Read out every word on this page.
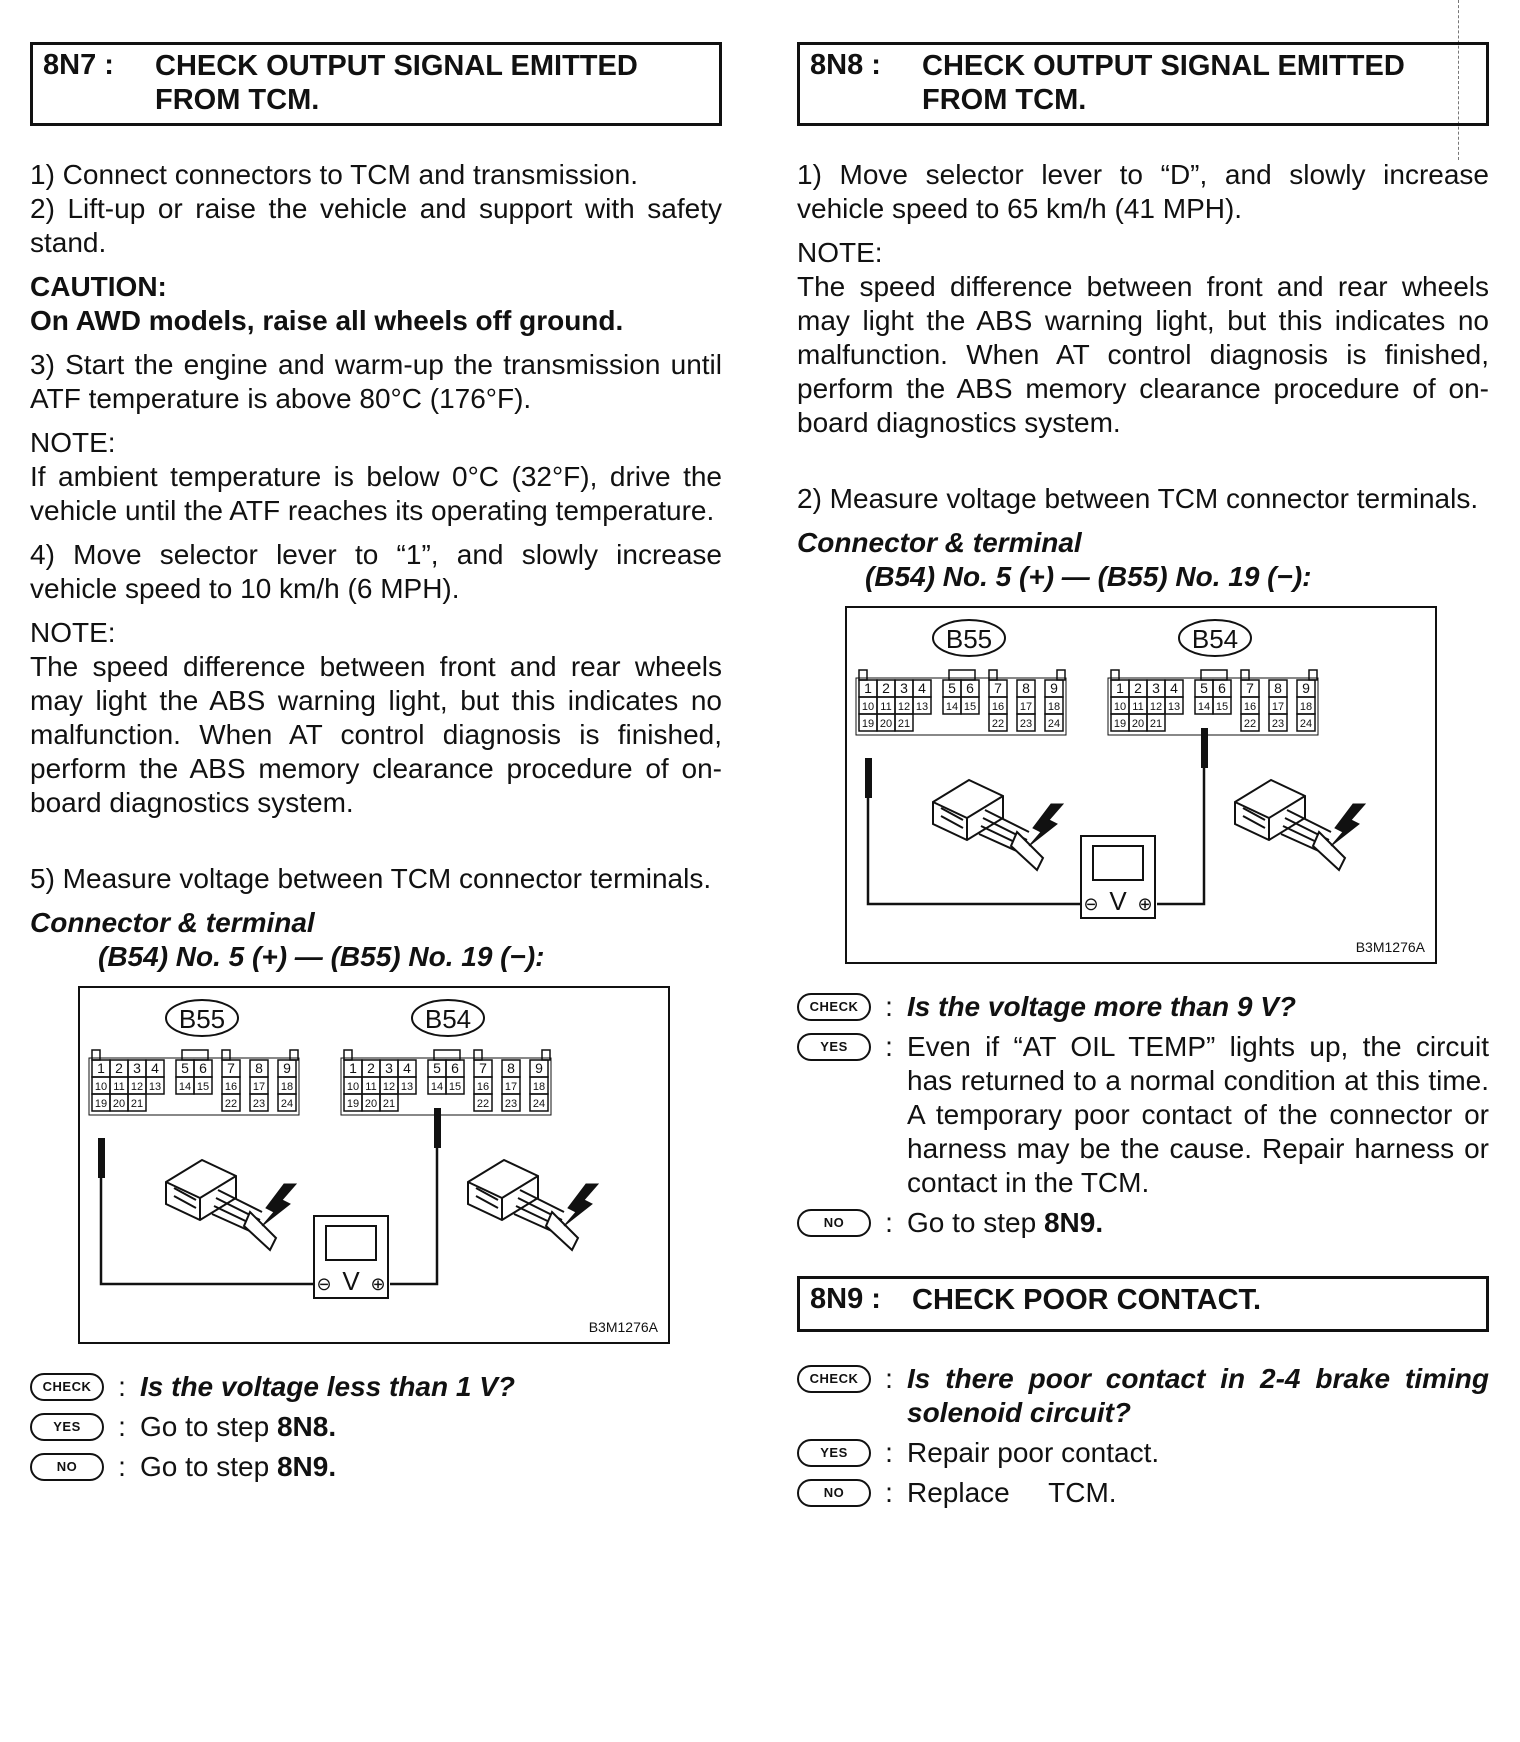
8N7 : CHECK OUTPUT SIGNAL EMITTED FROM TCM.

1) Connect connectors to TCM and transmission.

2) Lift-up or raise the vehicle and support with safety stand.

CAUTION:

On AWD models, raise all wheels off ground.

3) Start the engine and warm-up the transmission until ATF temperature is above 80°C (176°F).

NOTE:

If ambient temperature is below 0°C (32°F), drive the vehicle until the ATF reaches its operating temperature.

4) Move selector lever to “1”, and slowly increase vehicle speed to 10 km/h (6 MPH).

NOTE:

The speed difference between front and rear wheels may light the ABS warning light, but this indicates no malfunction. When AT control diagnosis is finished, perform the ABS memory clearance procedure of on-board diagnostics system.

5) Measure voltage between TCM connector terminals.

Connector & terminal

(B54) No. 5 (+) — (B55) No. 19 (−):

B55	B54
1 2 3 4 5 6 7 8 9
10 11 12 13 14 15 16 17 18
19 20 21	22 23 24
1 2 3 4 5 6 7 8 9
10 11 12 13 14 15 16 17 18
19 20 21	22 23 24
V
⊖ ⊕
B3M1276A
CHECK : Is the voltage less than 1 V?
YES	: Go to step 8N8.
NO	: Go to step 8N9.
8N8 : CHECK OUTPUT SIGNAL EMITTED FROM TCM.

1) Move selector lever to “D”, and slowly increase vehicle speed to 65 km/h (41 MPH).

NOTE:

The speed difference between front and rear wheels may light the ABS warning light, but this indicates no malfunction. When AT control diagnosis is finished, perform the ABS memory clearance procedure of on-board diagnostics system.

2) Measure voltage between TCM connector terminals.

Connector & terminal

(B54) No. 5 (+) — (B55) No. 19 (−):

B55	B54
1 2 3 4 5 6 7 8 9
10 11 12 13 14 15 16 17 18
19 20 21	22 23 24
1 2 3 4 5 6 7 8 9
10 11 12 13 14 15 16 17 18
19 20 21	22 23 24
V
⊖ ⊕
B3M1276A
CHECK : Is the voltage more than 9 V?
YES	: Even if “AT OIL TEMP” lights up, the circuit has returned to a normal condition at this time. A temporary poor contact of the connector or harness may be the cause. Repair harness or contact in the TCM.
NO	: Go to step 8N9.
8N9 : CHECK POOR CONTACT.
CHECK : Is there poor contact in 2-4 brake timing solenoid circuit?
YES	: Repair poor contact.
NO	: Replace     TCM.
